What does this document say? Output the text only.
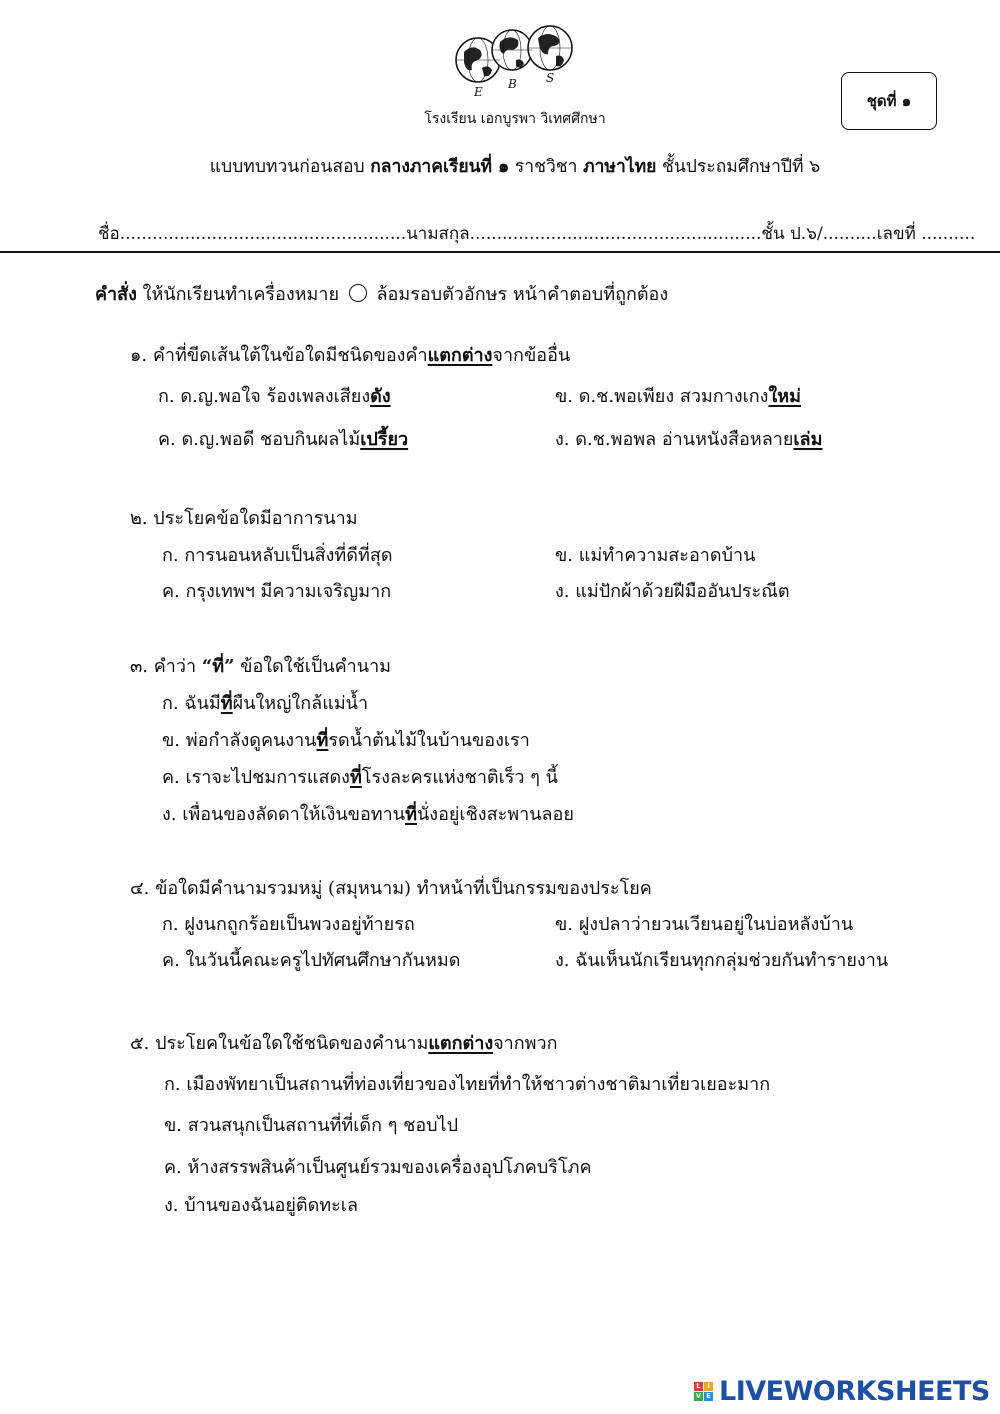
E
B S
โรงเรียน เอกบูรพา วิเทศศึกษา
ชุดที่ ๑
แบบทบทวนก่อนสอบ กลางภาคเรียนที่ ๑ ราชวิชา ภาษาไทย ชั้นประถมศึกษาปีที่ ๖
ชื่อ.....................................................นามสกุล......................................................ชั้น ป.๖/..........เลขที่ ..........
คำสั่ง ให้นักเรียนทำเครื่องหมาย ล้อมรอบตัวอักษร หน้าคำตอบที่ถูกต้อง
๑. คำที่ขีดเส้นใต้ในข้อใดมีชนิดของคำแตกต่างจากข้ออื่น
ก. ด.ญ.พอใจ ร้องเพลงเสียงดัง	ข. ด.ช.พอเพียง สวมกางเกงใหม่
ค. ด.ญ.พอดี ชอบกินผลไม้เปรี้ยว	ง. ด.ช.พอพล อ่านหนังสือหลายเล่ม
๒. ประโยคข้อใดมีอาการนาม
ก. การนอนหลับเป็นสิ่งที่ดีที่สุด	ข. แม่ทำความสะอาดบ้าน
ค. กรุงเทพฯ มีความเจริญมาก	ง. แม่ปักผ้าด้วยฝีมืออันประณีต
๓. คำว่า “ที่” ข้อใดใช้เป็นคำนาม
ก. ฉันมีที่ผืนใหญ่ใกล้แม่น้ำ
ข. พ่อกำลังดูคนงานที่รดน้ำต้นไม้ในบ้านของเรา
ค. เราจะไปชมการแสดงที่โรงละครแห่งชาติเร็ว ๆ นี้
ง. เพื่อนของลัดดาให้เงินขอทานที่นั่งอยู่เชิงสะพานลอย
๔. ข้อใดมีคำนามรวมหมู่ (สมุหนาม) ทำหน้าที่เป็นกรรมของประโยค
ก. ฝูงนกถูกร้อยเป็นพวงอยู่ท้ายรถ	ข. ฝูงปลาว่ายวนเวียนอยู่ในบ่อหลังบ้าน
ค. ในวันนี้คณะครูไปทัศนศึกษากันหมด	ง. ฉันเห็นนักเรียนทุกกลุ่มช่วยกันทำรายงาน
๕. ประโยคในข้อใดใช้ชนิดของคำนามแตกต่างจากพวก
ก. เมืองพัทยาเป็นสถานที่ท่องเที่ยวของไทยที่ทำให้ชาวต่างชาติมาเที่ยวเยอะมาก
ข. สวนสนุกเป็นสถานที่ที่เด็ก ๆ ชอบไป
ค. ห้างสรรพสินค้าเป็นศูนย์รวมของเครื่องอุปโภคบริโภค
ง. บ้านของฉันอยู่ติดทะเล
L I
V E LIVEWORKSHEETS
